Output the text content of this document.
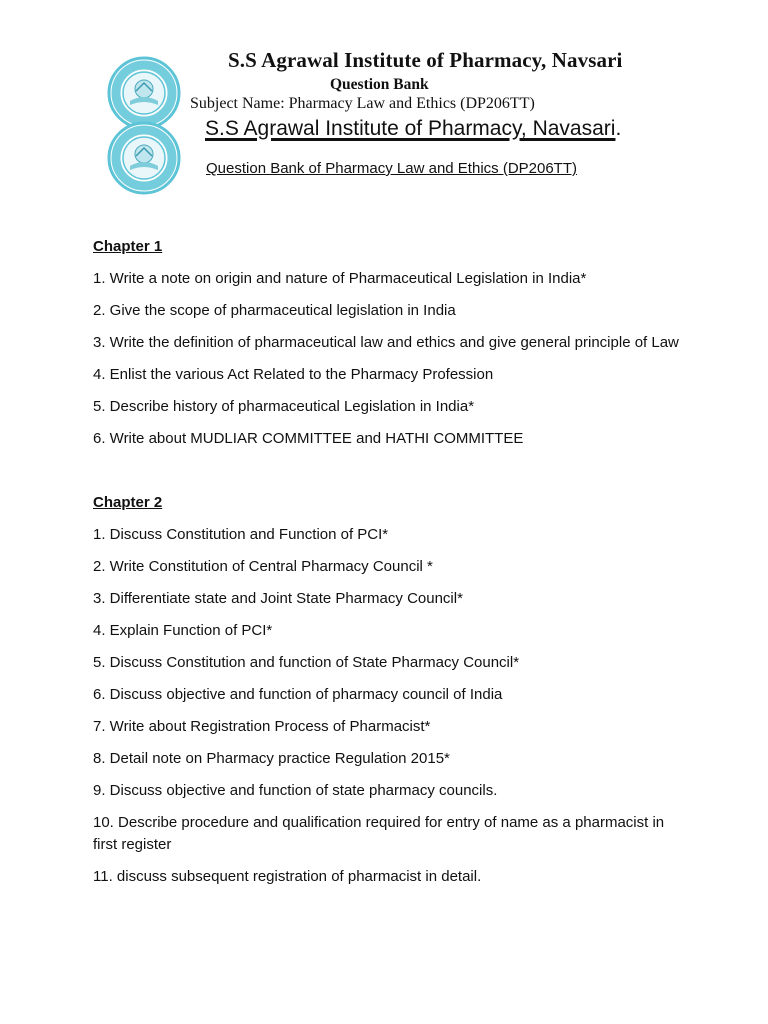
S.S Agrawal Institute of Pharmacy, Navsari
Question Bank
Subject Name: Pharmacy Law and Ethics (DP206TT)
S.S Agrawal Institute of Pharmacy, Navasari.
Question Bank of Pharmacy Law and Ethics (DP206TT)
Chapter 1
1. Write a note on origin and nature of Pharmaceutical Legislation in India*
2. Give the scope of pharmaceutical legislation in India
3. Write the definition of pharmaceutical law and ethics and give general principle of Law
4. Enlist the various Act Related to the Pharmacy Profession
5. Describe history of pharmaceutical Legislation in India*
6. Write about MUDLIAR COMMITTEE and HATHI COMMITTEE
Chapter 2
1. Discuss Constitution and Function of PCI*
2. Write Constitution of Central Pharmacy Council *
3. Differentiate state and Joint State Pharmacy Council*
4. Explain Function of PCI*
5. Discuss Constitution and function of State Pharmacy Council*
6. Discuss objective and function of pharmacy council of India
7. Write about Registration Process of Pharmacist*
8. Detail note on Pharmacy practice Regulation 2015*
9. Discuss objective and function of state pharmacy councils.
10. Describe procedure and qualification required for entry of name as a pharmacist in first register
11. discuss subsequent registration of pharmacist in detail.
